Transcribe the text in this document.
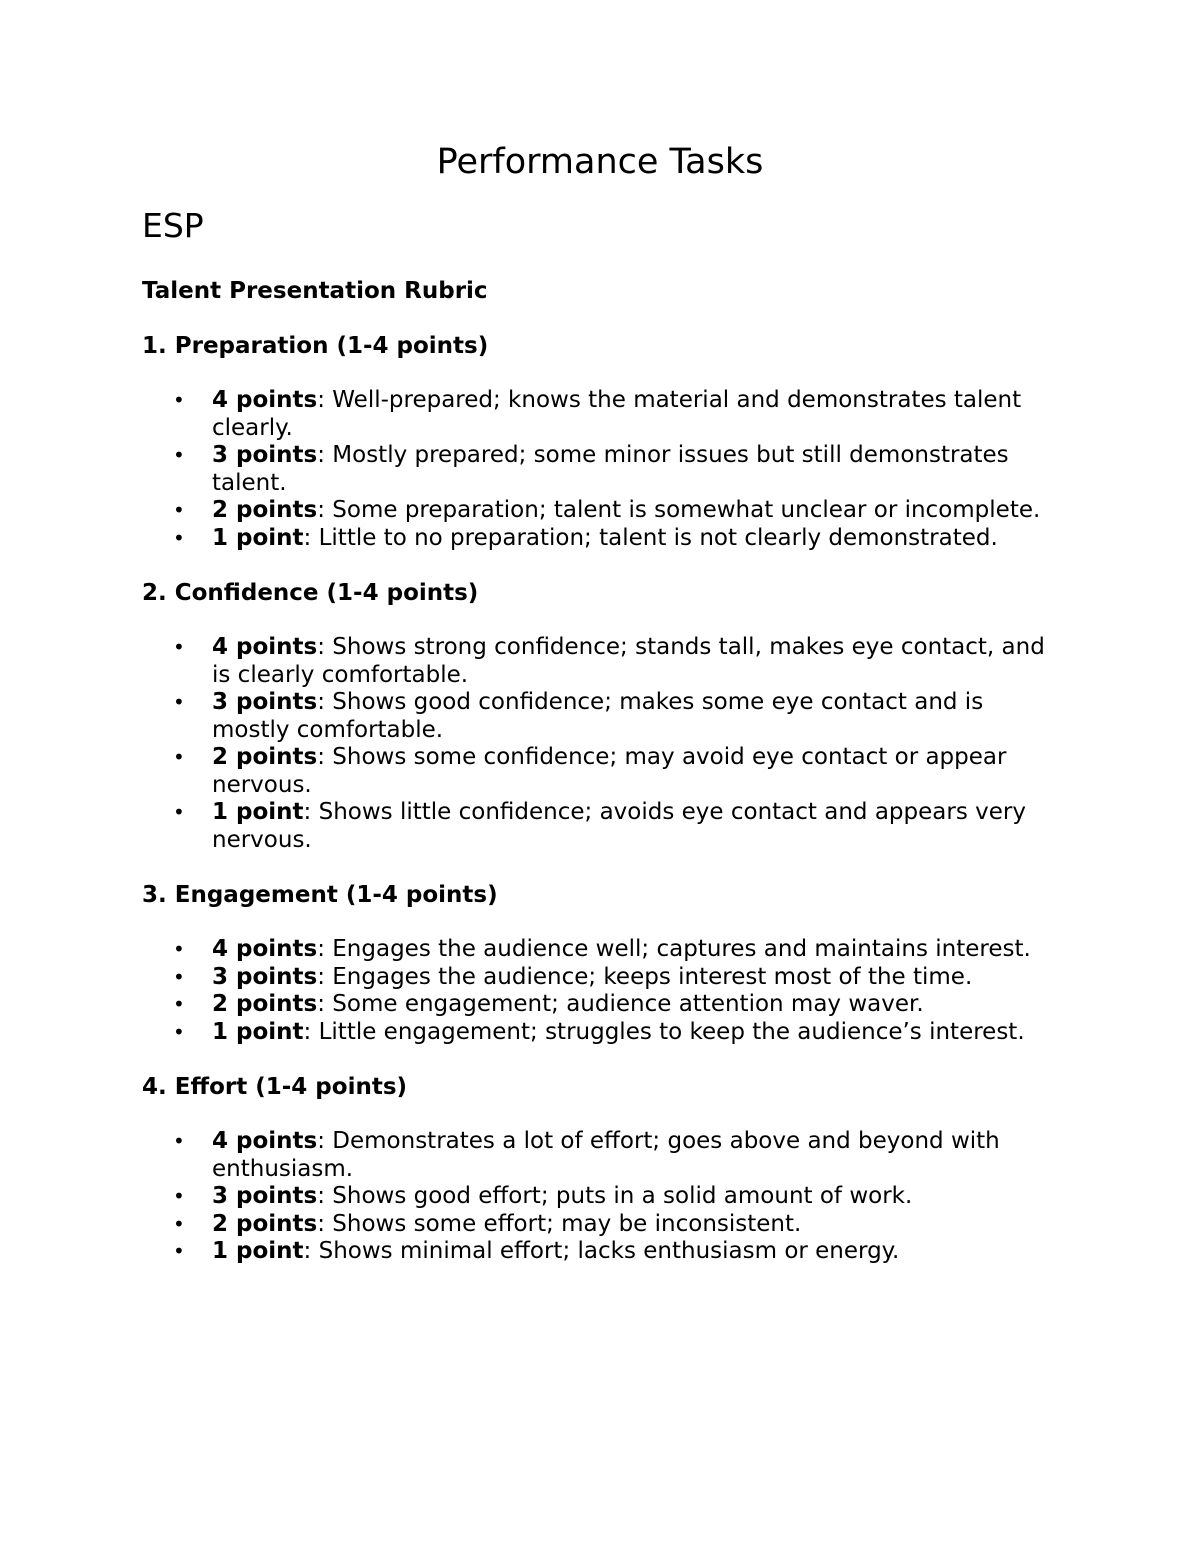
Performance Tasks
ESP
Talent Presentation Rubric
1. Preparation (1-4 points)
• 4 points: Well-prepared; knows the material and demonstrates talent clearly.
• 3 points: Mostly prepared; some minor issues but still demonstrates talent.
• 2 points: Some preparation; talent is somewhat unclear or incomplete.
• 1 point: Little to no preparation; talent is not clearly demonstrated.
2. Confidence (1-4 points)
• 4 points: Shows strong confidence; stands tall, makes eye contact, and is clearly comfortable.
• 3 points: Shows good confidence; makes some eye contact and is mostly comfortable.
• 2 points: Shows some confidence; may avoid eye contact or appear nervous.
• 1 point: Shows little confidence; avoids eye contact and appears very nervous.
3. Engagement (1-4 points)
• 4 points: Engages the audience well; captures and maintains interest.
• 3 points: Engages the audience; keeps interest most of the time.
• 2 points: Some engagement; audience attention may waver.
• 1 point: Little engagement; struggles to keep the audience’s interest.
4. Effort (1-4 points)
• 4 points: Demonstrates a lot of effort; goes above and beyond with enthusiasm.
• 3 points: Shows good effort; puts in a solid amount of work.
• 2 points: Shows some effort; may be inconsistent.
• 1 point: Shows minimal effort; lacks enthusiasm or energy.
